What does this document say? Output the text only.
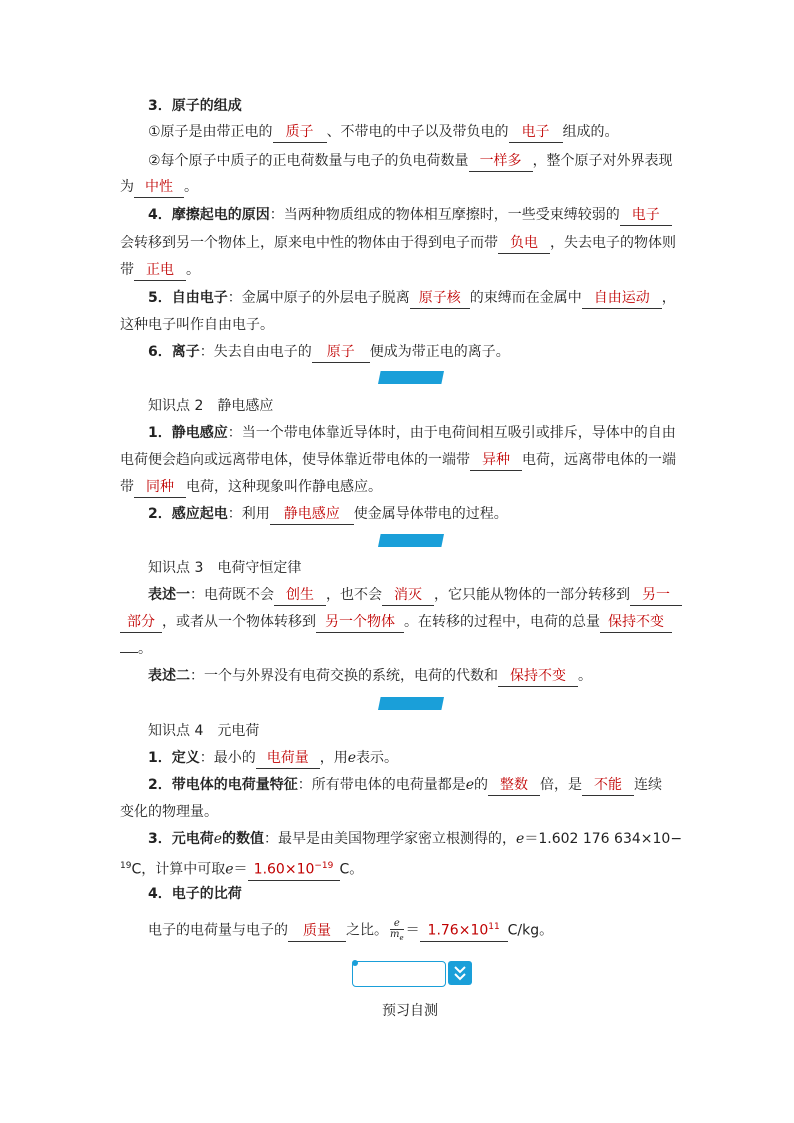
3．原子的组成
①原子是由带正电的 质子 、不带电的中子以及带负电的 电子 组成的。
②每个原子中质子的正电荷数量与电子的负电荷数量 一样多 ，整个原子对外界表现
为 中性 。
4．摩擦起电的原因：当两种物质组成的物体相互摩擦时，一些受束缚较弱的 电子
会转移到另一个物体上，原来电中性的物体由于得到电子而带 负电 ，失去电子的物体则
带 正电 。
5．自由电子：金属中原子的外层电子脱离 原子核 的束缚而在金属中 自由运动 ，
这种电子叫作自由电子。
6．离子：失去自由电子的 原子 便成为带正电的离子。
知识点 2　静电感应
1．静电感应：当一个带电体靠近导体时，由于电荷间相互吸引或排斥，导体中的自由
电荷便会趋向或远离带电体，使导体靠近带电体的一端带 异种 电荷，远离带电体的一端
带 同种 电荷，这种现象叫作静电感应。
2．感应起电：利用 静电感应 使金属导体带电的过程。
知识点 3　电荷守恒定律
表述一：电荷既不会 创生 ，也不会 消灭 ，它只能从物体的一部分转移到 另一
部分 ，或者从一个物体转移到 另一个物体 。在转移的过程中，电荷的总量 保持不变
。
表述二：一个与外界没有电荷交换的系统，电荷的代数和 保持不变 。
知识点 4　元电荷
1．定义：最小的 电荷量 ，用e表示。
2．带电体的电荷量特征：所有带电体的电荷量都是e的 整数 倍，是 不能 连续
变化的物理量。
3．元电荷e的数值：最早是由美国物理学家密立根测得的，e＝1.602 176 634×10−
$^{19}$C，计算中可取$e= 1.60\times 10^{-19}$ C。
4．电子的比荷
电子的电荷量与电子的 质量 之比。 $\frac{e}{m_e} = 1.76\times 10^{11}$ C/kg。
预习自测
